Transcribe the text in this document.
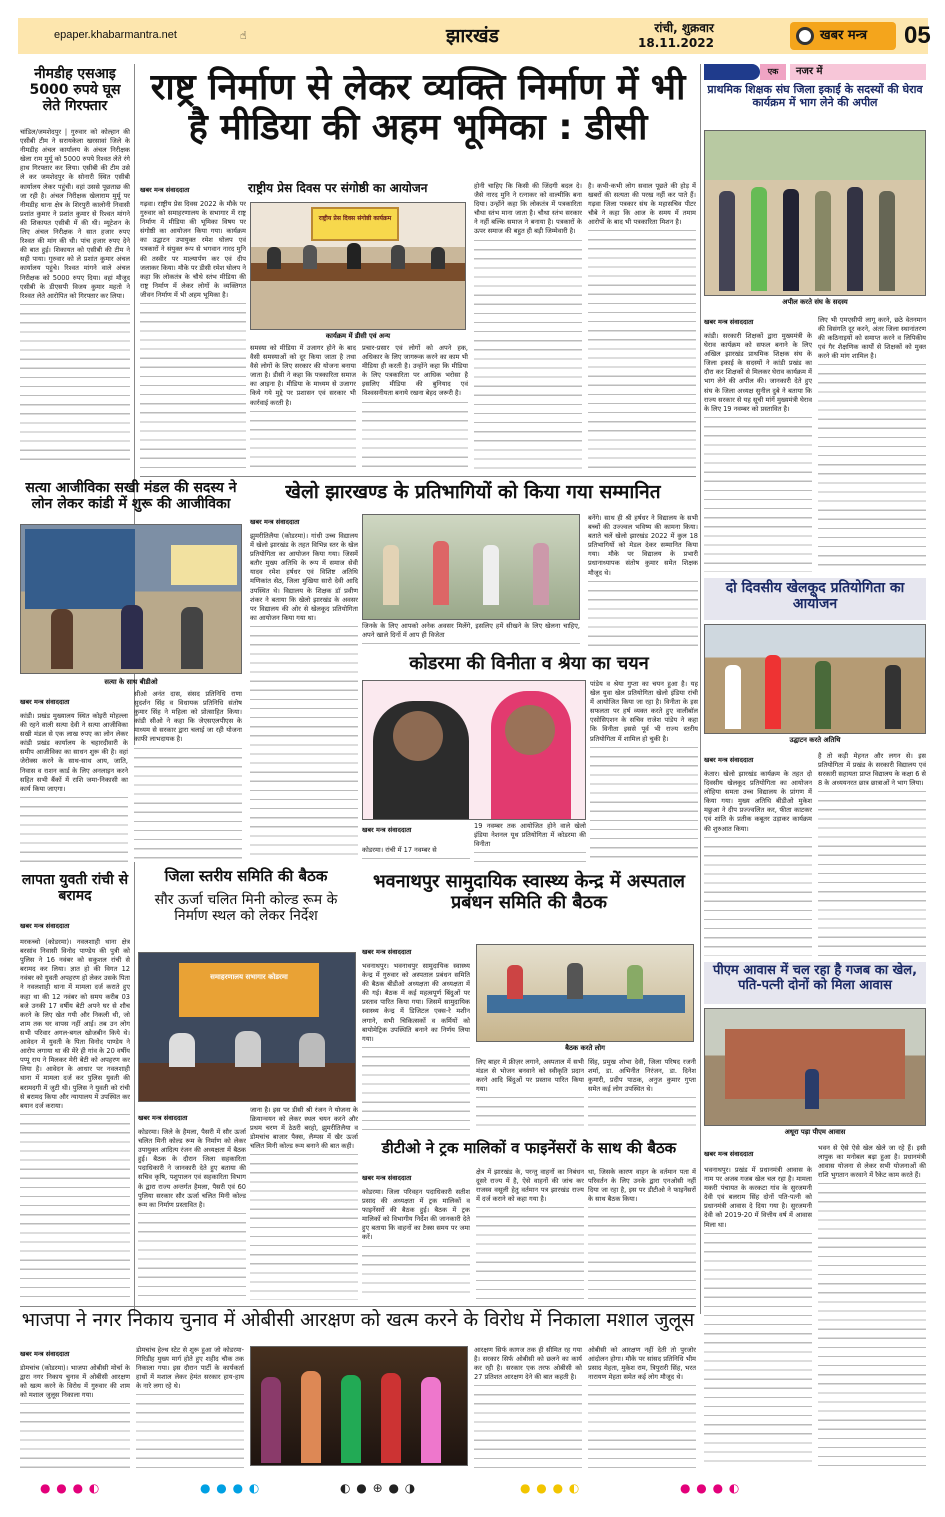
epaper.khabarmantra.net	☝	झारखंड	रांची, शुक्रवार
18.11.2022	खबर मन्त्र 05
नीमडीह एसआइ 5000 रुपये घूस लेते गिरफ्तार
चांडिल/जमशेदपुर | गुरुवार को कोल्हान की एसीबी टीम ने सरायकेला खरसावां जिले के नीमडीह अंचल कार्यालय के अंचल निरीक्षक खेला राम मुर्मू को 5000 रुपये रिश्वत लेते रंगे हाथ गिरफ्तार कर लिया। एसीबी की टीम उसे ले कर जमशेदपुर के सोनारी स्थित एसीबी कार्यालय लेकर पहुंची। वहां उससे पूछताछ की जा रही है। अंचल निरीक्षक खेलाराम मुर्मू पर नीमडीह थाना क्षेत्र के शिरपुरी कालोनी निवासी प्रशांत कुमार ने प्रशांत कुमार से रिश्वत मांगने की शिकायत एसीबी में की थी। म्यूटेशन के लिए अंचल निरीक्षक ने सात हजार रुपए रिश्वत की मांग की थी। पांच हजार रुपए देने की बात हुई। शिकायत को एसीबी की टीम ने सही पाया। गुरुवार को ले प्रशांत कुमार अंचल कार्यालय पहुंचे। रिश्वत मांगने वाले अंचल निरीक्षक को 5000 रुपए दिया। वहां मौजूद एसीबी के डीएसपी विजय कुमार महतो ने रिश्वत लेते आरोपित को गिरफ्तार कर लिया।
लापता युवती रांची से बरामद
खबर मन्त्र संवाददाता
मरकच्चो (कोडरमा)। नवलशाही थाना क्षेत्र बरसांव निवासी विनोद पाण्डेय की पुत्री को पुलिस ने 16 नवंबर को सकुशल रांची से बरामद कर लिया। ज्ञात हो की विगत 12 नवंबर को युवती अपहरण हो लेकर उसके पिता ने नवलशाही थाना में मामला दर्ज कराते हुए कहा था की 12 नवंबर को समय करीब 03 बजे उनकी 17 वर्षीय बेटी अपने घर से शौच करने के लिए खेत गयी और निकली थी, जो शाम तक घर वापस नहीं आई। तब उन लोग सभी परिवार अगल-बगल खोजबीन किये थे। आवेदन में युवती के पिता विनोद पाण्डेय ने आरोप लगाया था की मेरे ही गांव के 20 वर्षीय पप्पू राय ने मिलकर मेरी बेटी को अपहरण कर लिया है। आवेदन के आधार पर नवलशाही थाना में मामला दर्ज कर पुलिस युवती की बरामदगी में जुटी थी। पुलिस ने युवती को रांची से बरामद किया और न्यायालय में उपस्थित कर बयान दर्ज कराया।
राष्ट्र निर्माण से लेकर व्यक्ति निर्माण में भी है मीडिया की अहम भूमिका : डीसी
राष्ट्रीय प्रेस दिवस पर संगोष्ठी का आयोजन
खबर मन्त्र संवाददाता
गढ़वा। राष्ट्रीय प्रेस दिवस 2022 के मौके पर गुरुवार को समाहरणालय के सभागार में राष्ट्र निर्माण में मीडिया की भूमिका विषय पर संगोष्ठी का आयोजन किया गया। कार्यक्रम का उद्घाटन उपायुक्त रमेश घोलप एवं पत्रकारों ने संयुक्त रूप से भगवान नारद मुनि की तस्वीर पर माल्यार्पण कर एवं दीप जलाकर किया। मौके पर डीसी रमेश घोलप ने कहा कि लोकतंत्र के चौथे स्तंभ मीडिया की राष्ट्र निर्माण में लेकर लोगों के व्यक्तिगत जीवन निर्माण में भी अहम भूमिका है।
राष्ट्रीय प्रेस दिवस संगोष्ठी कार्यक्रम
कार्यक्रम में डीसी एवं अन्य
समस्या को मीडिया में उजागर होने के बाद वैसी समस्याओं को दूर किया जाता है तथा वैसे लोगों के लिए सरकार की योजना बनाया जाता है। डीसी ने कहा कि पत्रकारिता समाज का आइना है। मीडिया के माध्यम से उजागर किये गये मुद्दे पर प्रशासन एवं सरकार भी कार्रवाई करती है।
प्रचार-प्रसार एवं लोगों को अपने हक, अधिकार के लिए जागरूक करने का काम भी मीडिया ही करती है। उन्होंने कहा कि मीडिया के लिए पत्रकारिता पर आधिक भरोसा है इसलिए मीडिया की बुनियाद एवं विश्वसनीयता बनाये रखना बेहद जरूरी है।
होनी चाहिए कि किसी की जिंदगी बदल दे। जैसे नारद मुनि ने रत्नाकर को वाल्मीकि बना दिया। उन्होंने कहा कि लोकतंत्र में पत्रकारिता चौथा स्तंभ माना जाता है। चौथा स्तंभ सरकार ने नहीं बल्कि समाज ने बनाया है। पत्रकारों के ऊपर समाज की बहुत ही बड़ी जिम्मेवारी है।
है। कभी-कभी लोग सवाल पूछते की होड़ में खबरों की सत्यता की परख नहीं कर पाते हैं। गढ़वा जिला पत्रकार संघ के महासचिव पीटर चौबे ने कहा कि आज के समय में तमाम आरोपों के बाद भी पत्रकारिता मिशन है।
खेलो झारखण्ड के प्रतिभागियों को किया गया सम्मानित
खबर मन्त्र संवाददाता
झुमरीतिलैया (कोडरमा)। गांधी उच्च विद्यालय में खेलो झारखंड के तहत विभिन्न स्तर के खेल प्रतियोगिता का आयोजन किया गया। जिसमें बतौर मुख्य अतिथि के रूप में समाज सेवी यादव रमेश हर्षधर एवं विशिष्ट अतिथि मणिकांत सेठ, जिला मुखिया सारो देवी आदि उपस्थित थे। विद्यालय के शिक्षक डॉ प्रवीण शंकर ने बताया कि खेलो झारखंड के अवसर पर विद्यालय की ओर से खेलकूद प्रतियोगिता का आयोजन किया गया था।
जिनके के लिए आपको अनेक अवसर मिलेंगे, इसलिए हमें सीखने के लिए खेलना चाहिए, अपने खाले दिनों में आप ही विजेता
बनेंगे। साथ ही श्री हर्षधर ने विद्यालय के सभी बच्चों की उज्ज्वल भविष्य की कामना किया। बताते चलें खेलो झारखंड 2022 में कुल 18 प्रतिभागियों को मेडल देकर सम्मानित किया गया। मौके पर विद्यालय के प्रभारी प्रधानाध्यापक संतोष कुमार समेत शिक्षक मौजूद थे।
सत्या आजीविका सखी मंडल की सदस्य ने लोन लेकर कांडी में शुरू की आजीविका
सत्या के साथ बीडीओ
खबर मन्त्र संवाददाता
कांडी। प्रखंड मुख्यालय स्थित कोइरी मोहल्ला की रहने वाली सत्या देवी ने सत्या आजीविका सखी मंडल से एक लाख रुपए का लोन लेकर कांडी प्रखंड कार्यालय के चहारदीवारी के समीप आजीविका का साधन शुरू की है। वहां जेरोक्स करने के साथ-साथ आय, जाति, निवास व राशन कार्ड के लिए अनलाइन करने सहित सभी बैंकों में राशि जमा-निकासी का कार्य किया जाएगा।
सीओ अनंत दास, संसद प्रतिनिधि राणा सुदर्शन सिंह व विधायक प्रतिनिधि संतोष कुमार सिंह ने महिला को प्रोत्साहित किया। कांडी सीओ ने कहा कि जेएसएलपीएस के माध्यम से सरकार द्वारा चलाई जा रही योजना काफी लाभदायक है।
कोडरमा की विनीता व श्रेया का चयन
खबर मन्त्र संवाददाता	19 नवम्बर तक आयोजित होने वाले खेलो इंडिया नेशनल यूथ प्रतियोगिता में कोडरमा की विनीता
कोडरमा। रांची में 17 नवम्बर से
पांडेय व श्रेया गुप्ता का चयन हुआ है। यह खेल युवा खेल प्रतियोगिता खेलो इंडिया रांची में आयोजित किया जा रहा है। विनीता के इस सफलता पर हर्ष व्यक्त करते हुए वालीबॉल एसोसिएशन के सचिव राजेश पांडेय ने कहा कि विनीता इससे पूर्व भी राज्य स्तरीय प्रतियोगिता में शामिल हो चुकी है।
एक	नजर में
प्राथमिक शिक्षक संघ जिला इकाई के सदस्यों की घेराव कार्यक्रम में भाग लेने की अपील
अपील करते संघ के सदस्य
खबर मन्त्र संवाददाता
कांडी। सरकारी शिक्षकों द्वारा मुख्यमंत्री के घेराव कार्यक्रम को सफल बनाने के लिए अखिल झारखंड प्राथमिक शिक्षक संघ के जिला इकाई के सदस्यों ने कांडी प्रखंड का दौरा कर शिक्षकों से मिलकर घेराव कार्यक्रम में भाग लेने की अपील की। जानकारी देते हुए संघ के जिला अध्यक्ष सुनील दुबे ने बताया कि राज्य सरकार से यह सूची मांगें मुख्यमंत्री घेराव के लिए 19 नवम्बर को प्रस्तावित है।
लिए भी एमएसीपी लागू करने, छठे वेतनमान की विसंगति दूर करने, अंतर जिला स्थानांतरण की कठिनाइयों को समाप्त करने व लिपिकीय एवं गैर शैक्षणिक कार्यों से शिक्षकों को मुक्त करने की मांग शामिल है।
दो दिवसीय खेलकूद प्रतियोगिता का आयोजन
उद्घाटन करते अतिथि
खबर मन्त्र संवाददाता
केतार। खेलो झारखंड कार्यक्रम के तहत दो दिवसीय खेलकूद प्रतियोगिता का आयोजन लोहिया समता उच्च विद्यालय के प्रांगण में किया गया। मुख्य अतिथि बीडीओ मुकेश मछुआ ने दीप प्रज्ज्वलित कर, फीता काटकर एवं शांति के प्रतीक कबूतर उड़ाकर कार्यक्रम की शुरुआत किया।
है तो कड़ी मेहनत और लगन से। इस प्रतियोगिता में प्रखंड के सरकारी विद्यालय एवं सरकारी सहायता प्राप्त विद्यालय के कक्षा 6 से 8 के अध्ययनरत छात्र छात्राओं ने भाग लिया।
जिला स्तरीय समिति की बैठक
सौर ऊर्जा चलित मिनी कोल्ड रूम के निर्माण स्थल को लेकर निर्देश
समाहरणालय सभागार कोडरमा
खबर मन्त्र संवाददाता
कोडरमा। जिले के हैमला, पैसरी में सौर ऊर्जा चलित मिनी कोल्ड रूम के निर्माण को लेकर उपायुक्त आदित्य रंजन की अध्यक्षता में बैठक हुई। बैठक के दौरान जिला सहकारिता पदाधिकारी ने जानकारी देते हुए बताया की सचिव कृषि, पशुपालन एवं सहकारिता विभाग के द्वारा राज्य अन्तर्गत हैमला, पैसरी एवं 60 पुलिया सरकार सौर ऊर्जा चलित मिनी कोल्ड रूम का निर्माण प्रस्तावित है।
जाना है। इस पर डीसी श्री रंजन ने योजना के क्रियान्वयन को लेकर स्थल चयन करने और प्रथम चरण में ठेठरी बरहो, झुमरीतिलैया व डोमचांच बाजार पैक्स, लैम्पस में खैर ऊर्जा चलित मिनी कोल्ड रूम बनाने की बात कही।
भवनाथपुर सामुदायिक स्वास्थ्य केन्द्र में अस्पताल प्रबंधन समिति की बैठक
खबर मन्त्र संवाददाता
भवनाथपुर। भवनाथपुर सामुदायिक स्वास्थ्य केन्द्र में गुरुवार को अस्पताल प्रबंधन समिति की बैठक बीडीओ अध्यक्षता की अध्यक्षता में की गई। बैठक में कई महत्वपूर्ण बिंदुओं पर प्रस्ताव पारित किया गया। जिसमें सामुदायिक स्वास्थ्य केन्द्र में डिजिटल एक्स-रे मशीन लगाने, सभी चिकित्सकों व कर्मियों को बायोमेट्रिक उपस्थिति बनाने का निर्णय लिया गया।
बैठक करते लोग
लिए बाहर में फ्रीज़र लगाने, अस्पताल में सभी मंडल से भोजन बनवाने को स्वीकृति प्रदान करने आदि बिंदुओं पर प्रस्ताव पारित किया गया।
सिंह, प्रमुख शोभा देवी, जिला परिषद रजनी शर्मा, डा. अभिनीत निरंजन, डा. दिनेश कुमारी, प्रदीप पाठक, अनुज कुमार गुप्ता समेत कई लोग उपस्थित थे।
डीटीओ ने ट्रक मालिकों व फाइनेंसरों के साथ की बैठक
खबर मन्त्र संवाददाता
कोडरमा। जिला परिवहन पदाधिकारी सतीश प्रसाद की अध्यक्षता में ट्रक मालिकों व फाइनेंसरों की बैठक हुई। बैठक में ट्रक मालिकों को विभागीय निर्देश की जानकारी देते हुए बताया कि वाहनों का टैक्स समय पर जमा करें।
क्षेत्र में झारखंड के, परन्तु वाहनों का निबंधन दूसरे राज्य में है, ऐसे वाहनों की जांच कर राजस्व वसूली हेतु वर्तमान पत्र झारखंड राज्य में दर्ज कराने को कहा गया है।
था, जिसके कारण वाहन के वर्तमान पता में परिवर्तन के लिए उनके द्वारा एनओसी नहीं दिया जा रहा है, इस पर डीटीओ ने फाइनेंसरों के साथ बैठक किया।
पीएम आवास में चल रहा है गजब का खेल, पति-पत्नी दोनों को मिला आवास
अधूरा पड़ा पीएम आवास
खबर मन्त्र संवाददाता
भवनाथपुर। प्रखंड में प्रधानमंत्री आवास के नाम पर अजब गजब खेल चल रहा है। मामला मकरी पंचायत के करकटा गांव के सुरजमनी देवी एवं बलराम सिंह दोनों पति-पत्नी को प्रधानमंत्री आवास दे दिया गया है। सुरजमनी देवी को 2019-20 में वित्तीय वर्ष में आवास मिला था।
भवन से ऐसे ऐसे खेल खेले जा रहे हैं। इसी लापुक का मनोबल बढ़ा हुआ है। प्रधानमंत्री आवास योजना से लेकर सभी योजनाओं की राशि भुगतान करवाने में रैकेट काम करते हैं।
भाजपा ने नगर निकाय चुनाव में ओबीसी आरक्षण को खत्म करने के विरोध में निकाला मशाल जुलूस
खबर मन्त्र संवाददाता
डोमचांच (कोडरमा)। भाजपा ओबीसी मोर्चा के द्वारा नगर निकाय चुनाव में ओबीसी आरक्षण को खत्म करने के विरोध में गुरुवार की शाम को मशाल जुलूस निकाला गया।
डोमचांच हेल्थ स्टेट से शुरू हुआ जो कोडरमा-गिरिडीह मुख्य मार्ग होते हुए शहीद चौक तक निकाला गया। इस दौरान पार्टी के कार्यकर्ता हाथों में मशाल लेकर हेमंत सरकार हाय-हाय के नारे लगा रहे थे।
आरक्षण सिर्फ कागज तक ही सीमित रह गया है। सरकार सिर्फ ओबीसी को छलने का कार्य कर रही है। सरकार एक तरफ ओबीसी को 27 प्रतिशत आरक्षण देने की बात कहती है।
ओबीसी को आरक्षण नहीं देती तो पुरजोर आंदोलन होगा। मौके पर सांसद प्रतिनिधि भीम प्रसाद मेहता, मुकेश राम, त्रिपुरारी सिंह, भरत नारायण मेहता समेत कई लोग मौजूद थे।
● ● ● ◐	● ● ● ◐	◐ ● ⊕ ● ◑	● ● ● ◐	● ● ● ◐
